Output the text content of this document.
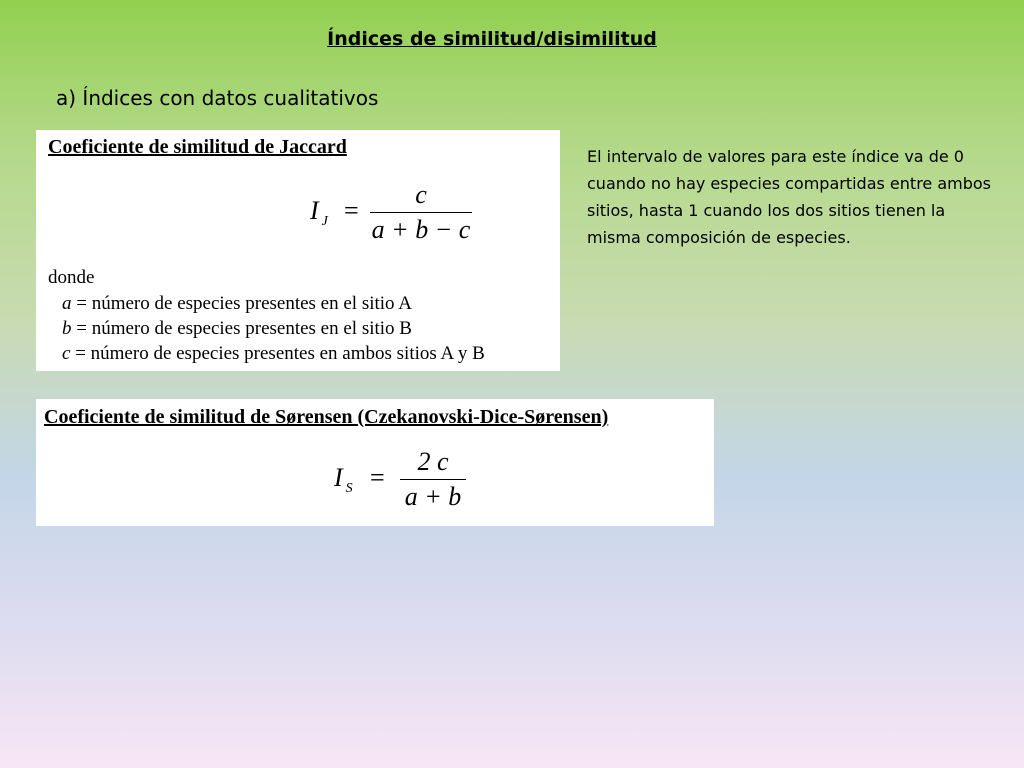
Índices de similitud/disimilitud
a) Índices con datos cualitativos
Coeficiente de similitud de Jaccard
I $_J$ =
c
a + b − c
donde
a = número de especies presentes en el sitio A
b = número de especies presentes en el sitio B
c = número de especies presentes en ambos sitios A y B
El intervalo de valores para este índice va de 0 cuando no hay especies compartidas entre ambos sitios, hasta 1 cuando los dos sitios tienen la misma composición de especies.
Coeficiente de similitud de Sørensen (Czekanovski-Dice-Sørensen)
I $_S$ =
2 c
a + b
